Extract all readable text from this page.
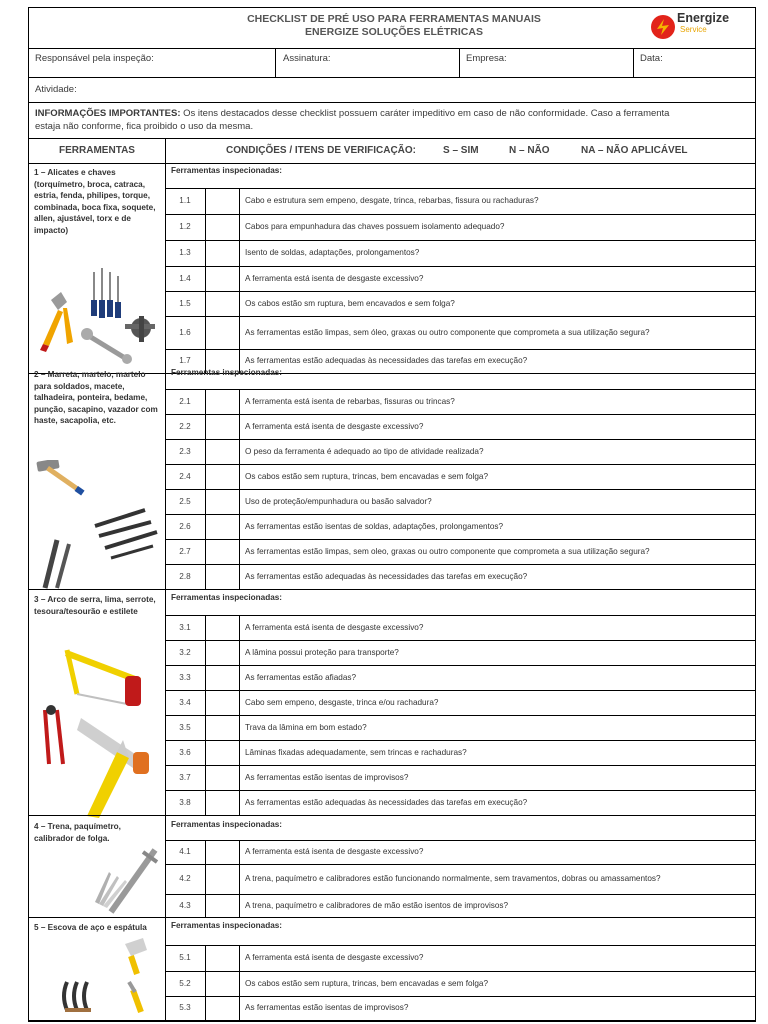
CHECKLIST DE PRÉ USO PARA FERRAMENTAS MANUAIS
ENERGIZE SOLUÇÕES ELÉTRICAS
Energize
Service
Responsável pela inspeção:	Assinatura:	Empresa:	Data:
Atividade:
INFORMAÇÕES IMPORTANTES: Os itens destacados desse checklist possuem caráter impeditivo em caso de não conformidade. Caso a ferramenta
estaja não conforme, fica proibido o uso da mesma.
FERRAMENTAS	CONDIÇÕES / ITENS DE VERIFICAÇÃO:	S – SIM	N – NÃO	NA – NÃO APLICÁVEL
1 – Alicates e chaves (torquímetro, broca, catraca, estria, fenda, philipes, torque, combinada, boca fixa, soquete, allen, ajustável, torx e de impacto)
Ferramentas inspecionadas:
1.1	Cabo e estrutura sem empeno, desgate, trinca, rebarbas, fissura ou rachaduras?
1.2	Cabos para empunhadura das chaves possuem isolamento adequado?
1.3	Isento de soldas, adaptações, prolongamentos?
1.4	A ferramenta está isenta de desgaste excessivo?
1.5	Os cabos estão sm ruptura, bem encavados e sem folga?
1.6	As ferramentas estão limpas, sem óleo, graxas ou outro componente que comprometa a sua utilização segura?
1.7	As ferramentas estão adequadas às necessidades das tarefas em execução?
2 – Marreta, martelo, martelo para soldados, macete, talhadeira, ponteira, bedame, punção, sacapino, vazador com haste, sacapolia, etc.
Ferramentas inspecionadas:
2.1	A ferramenta está isenta de rebarbas, fissuras ou trincas?
2.2	A ferramenta está isenta de desgaste excessivo?
2.3	O peso da ferramenta é adequado ao tipo de atividade realizada?
2.4	Os cabos estão sem ruptura, trincas, bem encavadas e sem folga?
2.5	Uso de proteção/empunhadura ou basão salvador?
2.6	As ferramentas estão isentas de soldas, adaptações, prolongamentos?
2.7	As ferramentas estão limpas, sem oleo, graxas ou outro componente que comprometa a sua utilização segura?
2.8	As ferramentas estão adequadas às necessidades das tarefas em execução?
3 – Arco de serra, lima, serrote, tesoura/tesourão e estilete
Ferramentas inspecionadas:
3.1	A ferramenta está isenta de desgaste excessivo?
3.2	A lâmina possui proteção para transporte?
3.3	As ferramentas estão afiadas?
3.4	Cabo sem empeno, desgaste, trinca e/ou rachadura?
3.5	Trava da lâmina em bom estado?
3.6	Lâminas fixadas adequadamente, sem trincas e rachaduras?
3.7	As ferramentas estão isentas de improvisos?
3.8	As ferramentas estão adequadas às necessidades das tarefas em execução?
4 – Trena, paquímetro, calibrador de folga.
Ferramentas inspecionadas:
4.1	A ferramenta está isenta de desgaste excessivo?
4.2	A trena, paquímetro e calibradores estão funcionando normalmente, sem travamentos, dobras ou amassamentos?
4.3	A trena, paquímetro e calibradores de mão estão isentos de improvisos?
5 – Escova de aço e espátula	Ferramentas inspecionadas:
5.1	A ferramenta está isenta de desgaste excessivo?
5.2	Os cabos estão sem ruptura, trincas, bem encavadas e sem folga?
5.3	As ferramentas estão isentas de improvisos?
